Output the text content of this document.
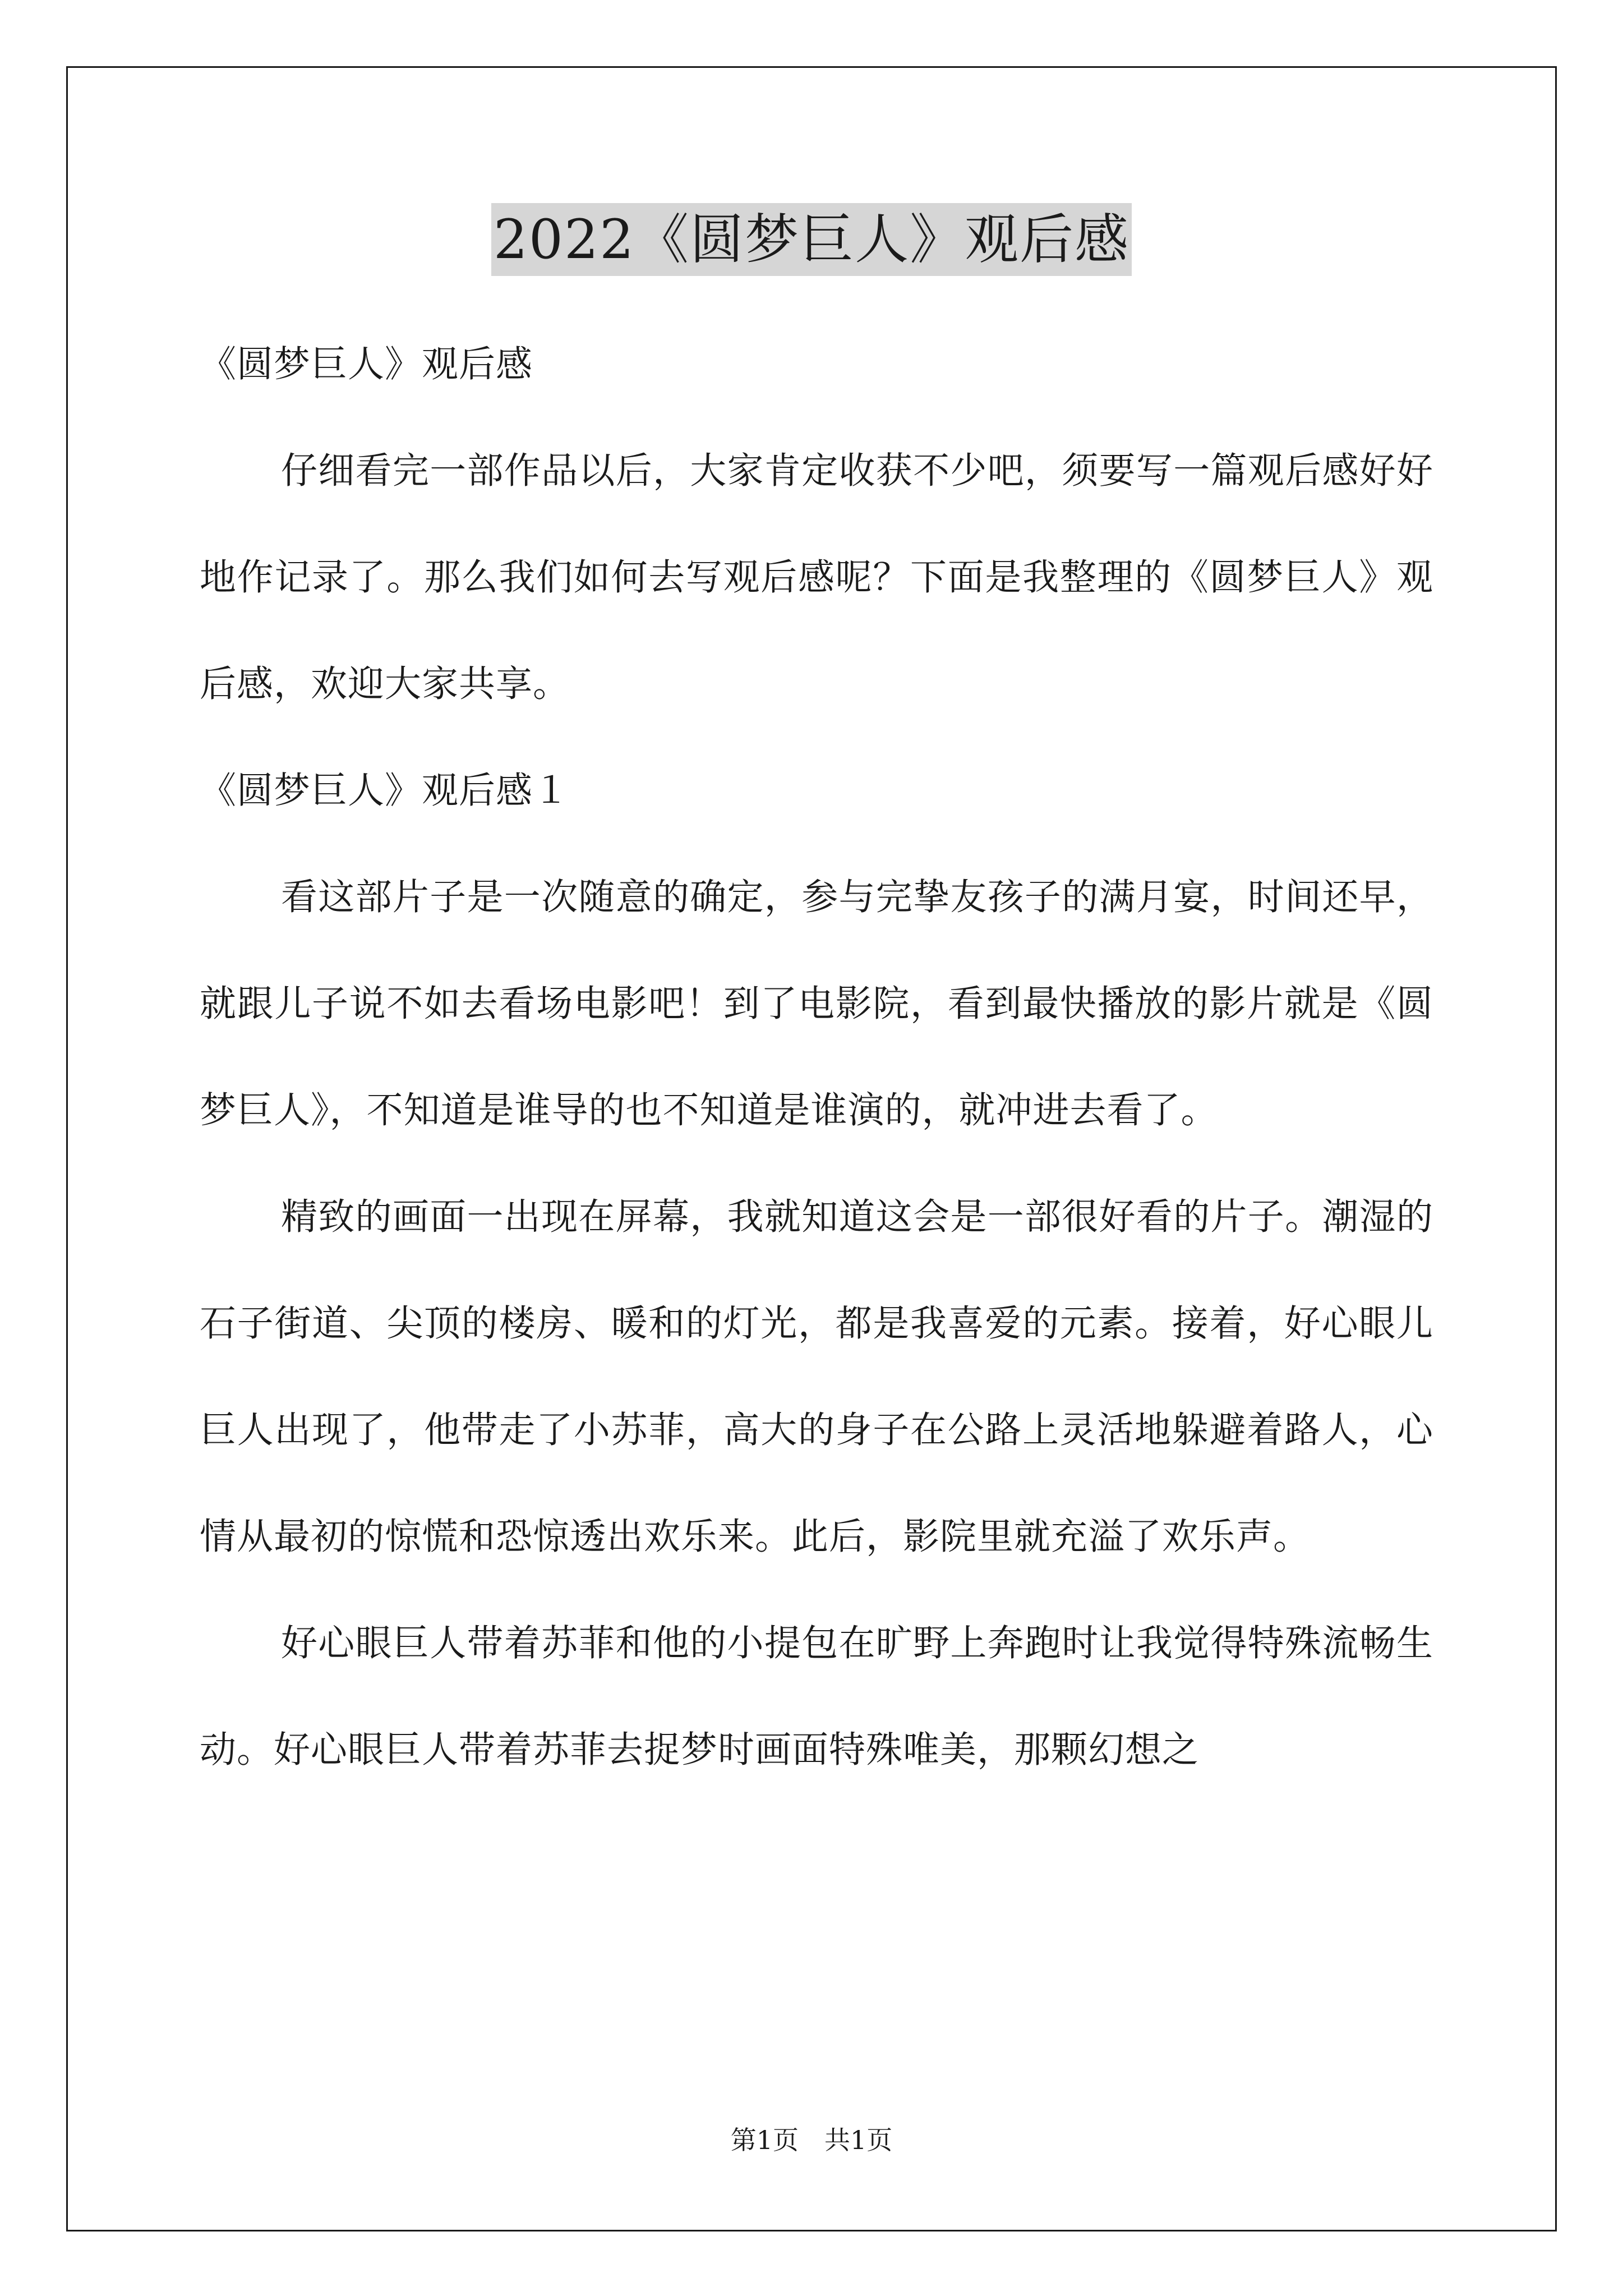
2022《圆梦巨人》观后感

《圆梦巨人》观后感

仔细看完一部作品以后，大家肯定收获不少吧，须要写一篇观后感好好地作记录了。那么我们如何去写观后感呢？下面是我整理的《圆梦巨人》观后感，欢迎大家共享。

《圆梦巨人》观后感１

看这部片子是一次随意的确定，参与完挚友孩子的满月宴，时间还早，就跟儿子说不如去看场电影吧！到了电影院，看到最快播放的影片就是《圆梦巨人》，不知道是谁导的也不知道是谁演的，就冲进去看了。

精致的画面一出现在屏幕，我就知道这会是一部很好看的片子。潮湿的石子街道、尖顶的楼房、暖和的灯光，都是我喜爱的元素。接着，好心眼儿巨人出现了，他带走了小苏菲，高大的身子在公路上灵活地躲避着路人，心情从最初的惊慌和恐惊透出欢乐来。此后，影院里就充溢了欢乐声。

好心眼巨人带着苏菲和他的小提包在旷野上奔跑时让我觉得特殊流畅生动。好心眼巨人带着苏菲去捉梦时画面特殊唯美，那颗幻想之

第1页 共1页
